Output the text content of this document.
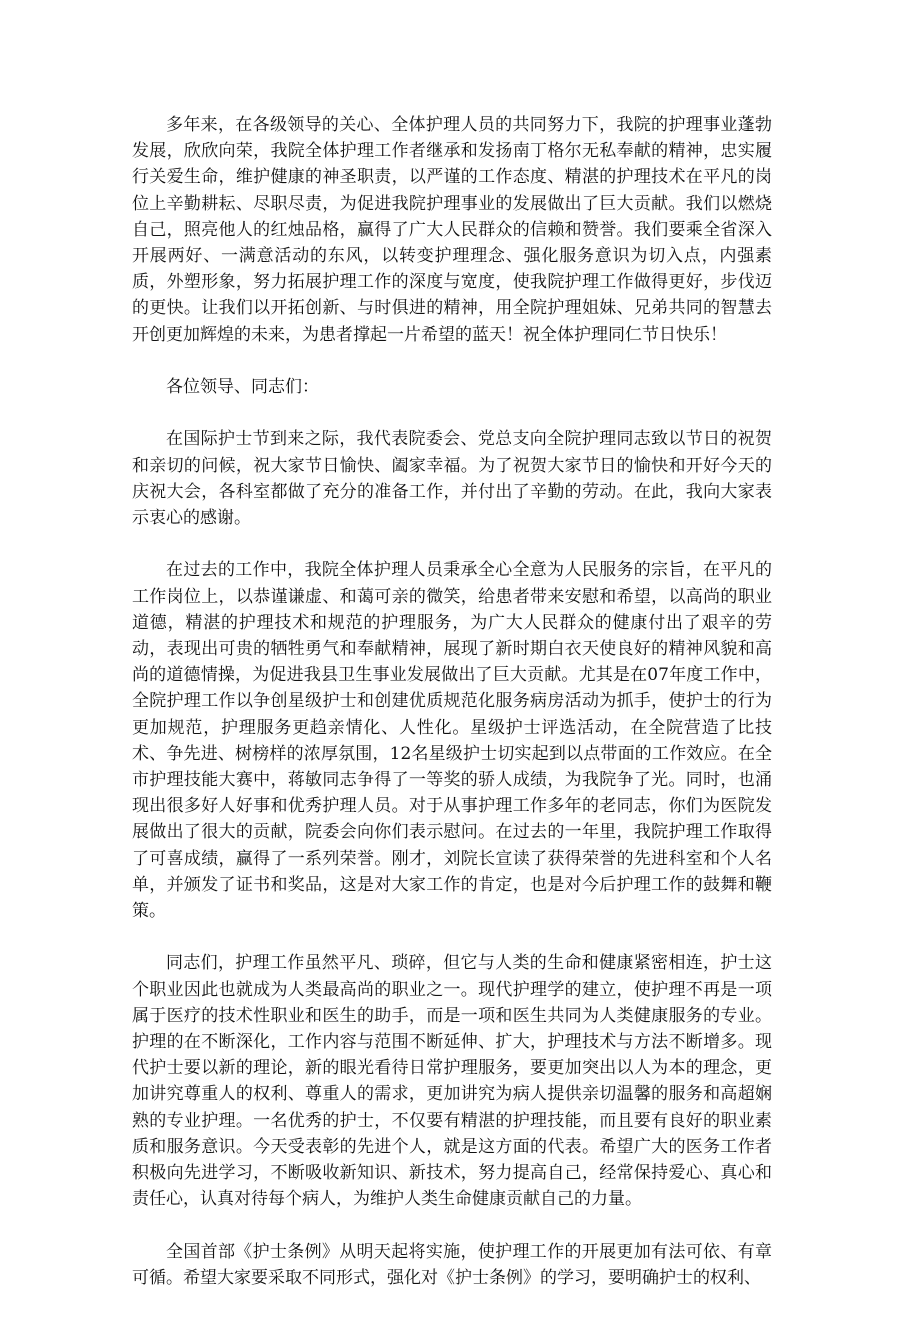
多年来，在各级领导的关心、全体护理人员的共同努力下，我院的护理事业蓬勃发展，欣欣向荣，我院全体护理工作者继承和发扬南丁格尔无私奉献的精神，忠实履行关爱生命，维护健康的神圣职责，以严谨的工作态度、精湛的护理技术在平凡的岗位上辛勤耕耘、尽职尽责，为促进我院护理事业的发展做出了巨大贡献。我们以燃烧自己，照亮他人的红烛品格，赢得了广大人民群众的信赖和赞誉。我们要乘全省深入开展两好、一满意活动的东风，以转变护理理念、强化服务意识为切入点，内强素质，外塑形象，努力拓展护理工作的深度与宽度，使我院护理工作做得更好，步伐迈的更快。让我们以开拓创新、与时俱进的精神，用全院护理姐妹、兄弟共同的智慧去开创更加辉煌的未来，为患者撑起一片希望的蓝天！祝全体护理同仁节日快乐！

各位领导、同志们：

在国际护士节到来之际，我代表院委会、党总支向全院护理同志致以节日的祝贺和亲切的问候，祝大家节日愉快、阖家幸福。为了祝贺大家节日的愉快和开好今天的庆祝大会，各科室都做了充分的准备工作，并付出了辛勤的劳动。在此，我向大家表示衷心的感谢。

在过去的工作中，我院全体护理人员秉承全心全意为人民服务的宗旨，在平凡的工作岗位上，以恭谨谦虚、和蔼可亲的微笑，给患者带来安慰和希望，以高尚的职业道德，精湛的护理技术和规范的护理服务，为广大人民群众的健康付出了艰辛的劳动，表现出可贵的牺牲勇气和奉献精神，展现了新时期白衣天使良好的精神风貌和高尚的道德情操，为促进我县卫生事业发展做出了巨大贡献。尤其是在07年度工作中，全院护理工作以争创星级护士和创建优质规范化服务病房活动为抓手，使护士的行为更加规范，护理服务更趋亲情化、人性化。星级护士评选活动，在全院营造了比技术、争先进、树榜样的浓厚氛围，12名星级护士切实起到以点带面的工作效应。在全市护理技能大赛中，蒋敏同志争得了一等奖的骄人成绩，为我院争了光。同时，也涌现出很多好人好事和优秀护理人员。对于从事护理工作多年的老同志，你们为医院发展做出了很大的贡献，院委会向你们表示慰问。在过去的一年里，我院护理工作取得了可喜成绩，赢得了一系列荣誉。刚才，刘院长宣读了获得荣誉的先进科室和个人名单，并颁发了证书和奖品，这是对大家工作的肯定，也是对今后护理工作的鼓舞和鞭策。

同志们，护理工作虽然平凡、琐碎，但它与人类的生命和健康紧密相连，护士这个职业因此也就成为人类最高尚的职业之一。现代护理学的建立，使护理不再是一项属于医疗的技术性职业和医生的助手，而是一项和医生共同为人类健康服务的专业。护理的在不断深化，工作内容与范围不断延伸、扩大，护理技术与方法不断增多。现代护士要以新的理论，新的眼光看待日常护理服务，要更加突出以人为本的理念，更加讲究尊重人的权利、尊重人的需求，更加讲究为病人提供亲切温馨的服务和高超娴熟的专业护理。一名优秀的护士，不仅要有精湛的护理技能，而且要有良好的职业素质和服务意识。今天受表彰的先进个人，就是这方面的代表。希望广大的医务工作者积极向先进学习，不断吸收新知识、新技术，努力提高自己，经常保持爱心、真心和责任心，认真对待每个病人，为维护人类生命健康贡献自己的力量。

全国首部《护士条例》从明天起将实施，使护理工作的开展更加有法可依、有章可循。希望大家要采取不同形式，强化对《护士条例》的学习，要明确护士的权利、
